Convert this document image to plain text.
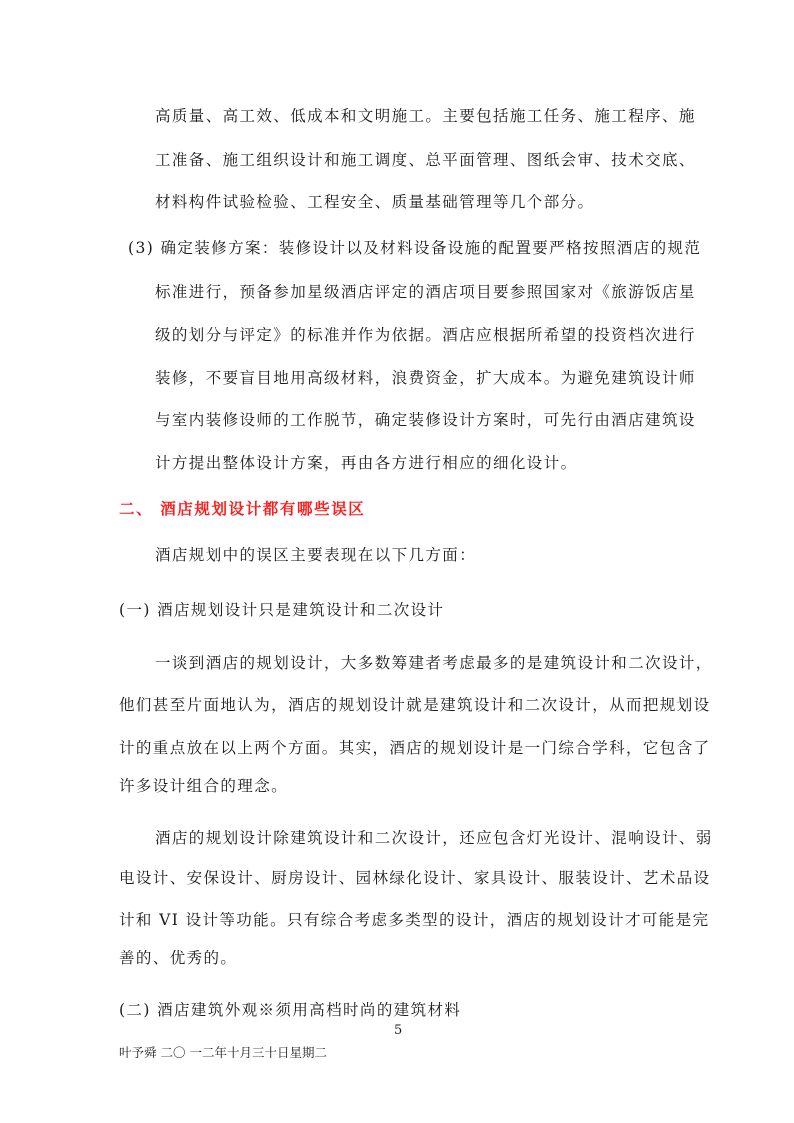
高质量、高工效、低成本和文明施工。主要包括施工任务、施工程序、施
工准备、施工组织设计和施工调度、总平面管理、图纸会审、技术交底、
材料构件试验检验、工程安全、质量基础管理等几个部分。
(3) 确定装修方案：装修设计以及材料设备设施的配置要严格按照酒店的规范
标准进行，预备参加星级酒店评定的酒店项目要参照国家对《旅游饭店星
级的划分与评定》的标准并作为依据。酒店应根据所希望的投资档次进行
装修，不要盲目地用高级材料，浪费资金，扩大成本。为避免建筑设计师
与室内装修设师的工作脱节，确定装修设计方案时，可先行由酒店建筑设
计方提出整体设计方案，再由各方进行相应的细化设计。
二、 酒店规划设计都有哪些误区
酒店规划中的误区主要表现在以下几方面：
(一) 酒店规划设计只是建筑设计和二次设计
一谈到酒店的规划设计，大多数筹建者考虑最多的是建筑设计和二次设计，
他们甚至片面地认为，酒店的规划设计就是建筑设计和二次设计，从而把规划设
计的重点放在以上两个方面。其实，酒店的规划设计是一门综合学科，它包含了
许多设计组合的理念。
酒店的规划设计除建筑设计和二次设计，还应包含灯光设计、混响设计、弱
电设计、安保设计、厨房设计、园林绿化设计、家具设计、服装设计、艺术品设
计和 VI 设计等功能。只有综合考虑多类型的设计，酒店的规划设计才可能是完
善的、优秀的。
(二) 酒店建筑外观※须用高档时尚的建筑材料
5
叶予舜 二〇 一二年十月三十日星期二
